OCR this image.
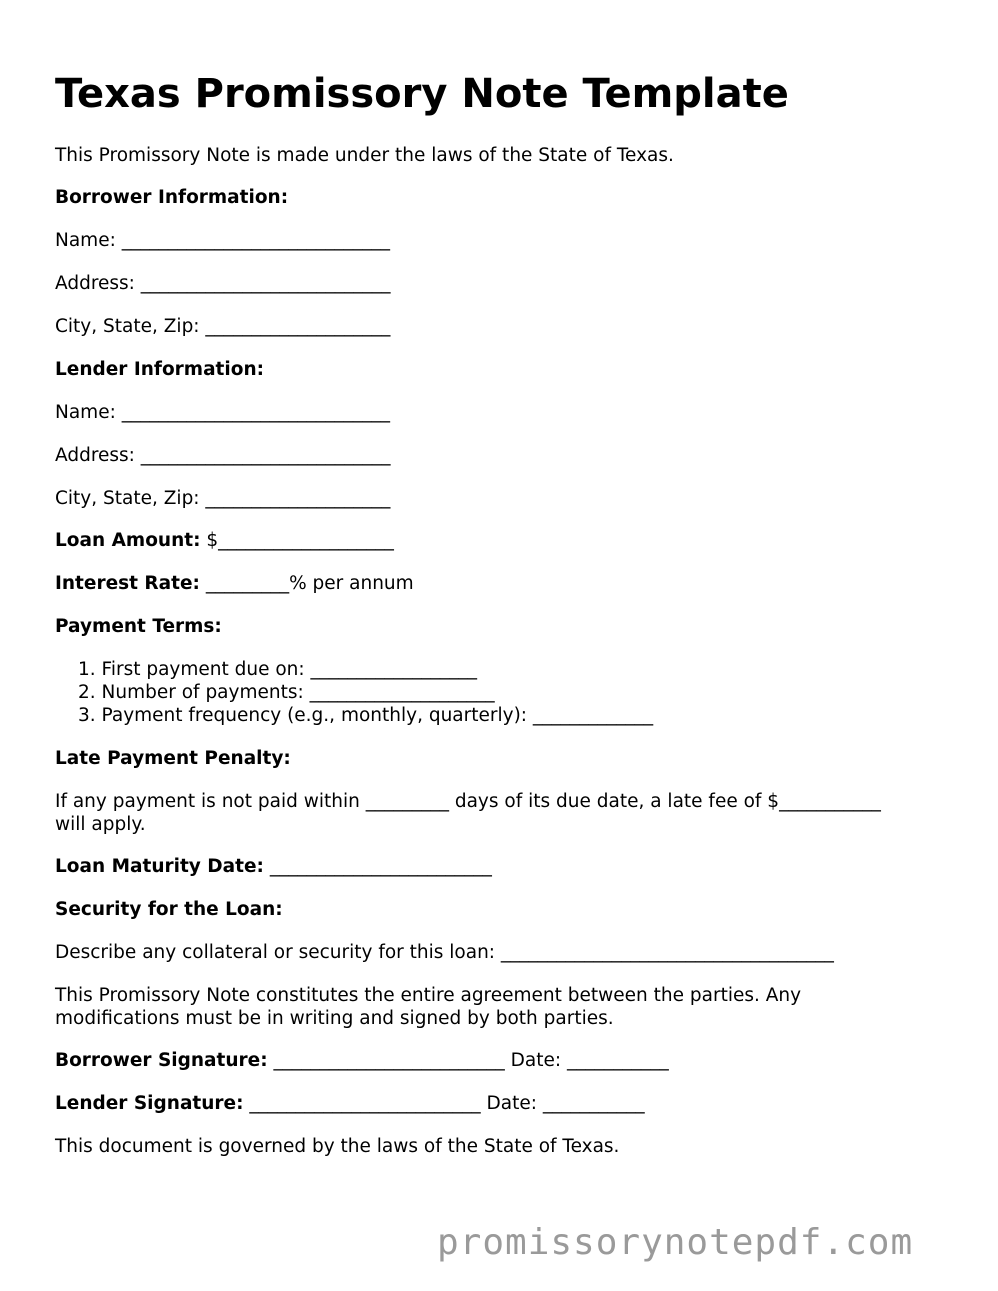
Texas Promissory Note Template

This Promissory Note is made under the laws of the State of Texas.

Borrower Information:

Name: _____________________________

Address: ___________________________

City, State, Zip: ____________________

Lender Information:

Name: _____________________________

Address: ___________________________

City, State, Zip: ____________________

Loan Amount: $___________________

Interest Rate: _________% per annum

Payment Terms:

1. First payment due on: __________________

2. Number of payments: ____________________

3. Payment frequency (e.g., monthly, quarterly): _____________

Late Payment Penalty:

If any payment is not paid within _________ days of its due date, a late fee of $___________

will apply.

Loan Maturity Date: ________________________

Security for the Loan:

Describe any collateral or security for this loan: ____________________________________

This Promissory Note constitutes the entire agreement between the parties. Any

modifications must be in writing and signed by both parties.

Borrower Signature: _________________________ Date: ___________

Lender Signature: _________________________ Date: ___________

This document is governed by the laws of the State of Texas.

promissorynotepdf.com
